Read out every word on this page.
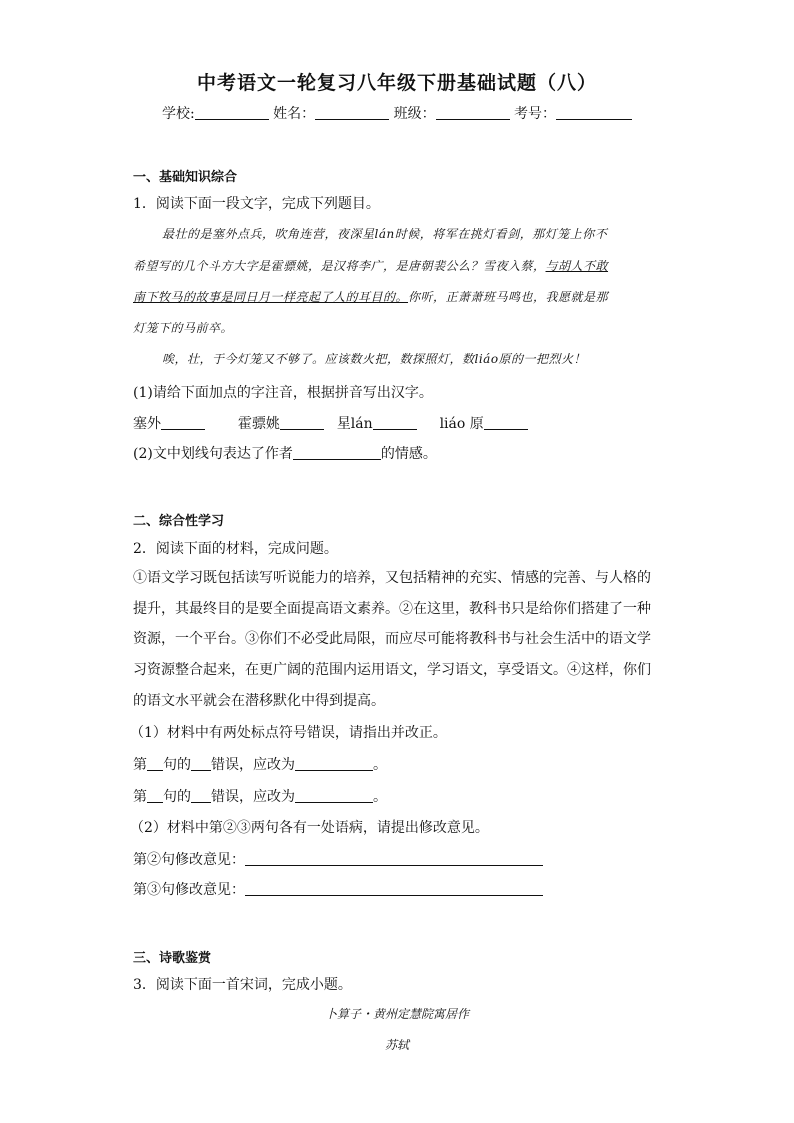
中考语文一轮复习八年级下册基础试题（八）
学校:	姓名：	班级：	考号：
一、基础知识综合
1．阅读下面一段文字，完成下列题目。
最壮的是塞外点兵，吹角连营，夜深星lán时候，将军在挑灯看剑，那灯笼上你不
希望写的几个斗方大字是霍骠姚，是汉将李广，是唐朝裴公么？雪夜入蔡，与胡人不敢
南下牧马的故事是同日月一样亮起了人的耳目的。你听，正萧萧班马鸣也，我愿就是那
灯笼下的马前卒。
唉，壮，于今灯笼又不够了。应该数火把，数探照灯，数liáo原的一把烈火！
(1)请给下面加点的字注音，根据拼音写出汉字。
塞外	霍骠姚	星lán	liáo 原
(2)文中划线句表达了作者	的情感。
二、综合性学习
2．阅读下面的材料，完成问题。
①语文学习既包括读写听说能力的培养，又包括精神的充实、情感的完善、与人格的
提升，其最终目的是要全面提高语文素养。②在这里，教科书只是给你们搭建了一种
资源，一个平台。③你们不必受此局限，而应尽可能将教科书与社会生活中的语文学
习资源整合起来，在更广阔的范围内运用语文，学习语文，享受语文。④这样，你们
的语文水平就会在潜移默化中得到提高。
（1）材料中有两处标点符号错误，请指出并改正。
第 句的 错误，应改为	。
第 句的 错误，应改为	。
（2）材料中第②③两句各有一处语病，请提出修改意见。
第②句修改意见：
第③句修改意见：
三、诗歌鉴赏
3．阅读下面一首宋词，完成小题。
卜算子・黄州定慧院寓居作
苏轼
